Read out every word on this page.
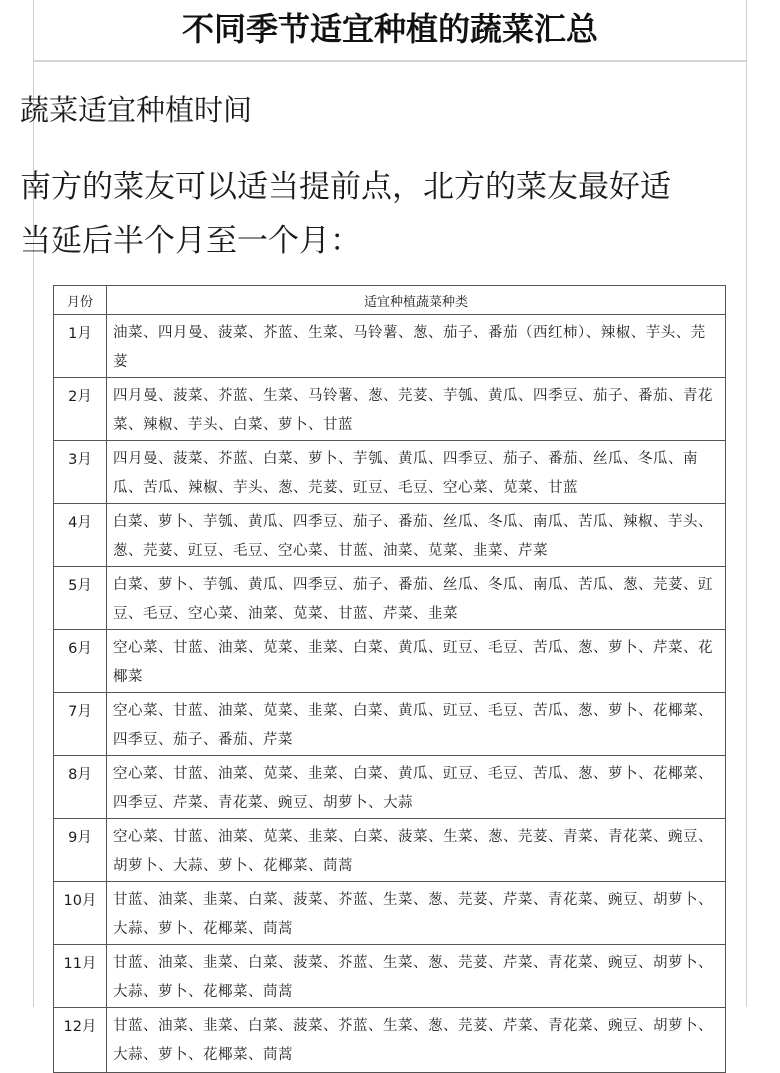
不同季节适宜种植的蔬菜汇总
蔬菜适宜种植时间
南方的菜友可以适当提前点，北方的菜友最好适当延后半个月至一个月：
月份	适宜种植蔬菜种类
1月	油菜、四月曼、菠菜、芥蓝、生菜、马铃薯、葱、茄子、番茄（西红柿）、辣椒、芋头、芫荽
2月	四月曼、菠菜、芥蓝、生菜、马铃薯、葱、芫荽、芋瓠、黄瓜、四季豆、茄子、番茄、青花菜、辣椒、芋头、白菜、萝卜、甘蓝
3月	四月曼、菠菜、芥蓝、白菜、萝卜、芋瓠、黄瓜、四季豆、茄子、番茄、丝瓜、冬瓜、南瓜、苦瓜、辣椒、芋头、葱、芫荽、豇豆、毛豆、空心菜、苋菜、甘蓝
4月	白菜、萝卜、芋瓠、黄瓜、四季豆、茄子、番茄、丝瓜、冬瓜、南瓜、苦瓜、辣椒、芋头、葱、芫荽、豇豆、毛豆、空心菜、甘蓝、油菜、苋菜、韭菜、芹菜
5月	白菜、萝卜、芋瓠、黄瓜、四季豆、茄子、番茄、丝瓜、冬瓜、南瓜、苦瓜、葱、芫荽、豇豆、毛豆、空心菜、油菜、苋菜、甘蓝、芹菜、韭菜
6月	空心菜、甘蓝、油菜、苋菜、韭菜、白菜、黄瓜、豇豆、毛豆、苦瓜、葱、萝卜、芹菜、花椰菜
7月	空心菜、甘蓝、油菜、苋菜、韭菜、白菜、黄瓜、豇豆、毛豆、苦瓜、葱、萝卜、花椰菜、四季豆、茄子、番茄、芹菜
8月	空心菜、甘蓝、油菜、苋菜、韭菜、白菜、黄瓜、豇豆、毛豆、苦瓜、葱、萝卜、花椰菜、四季豆、芹菜、青花菜、豌豆、胡萝卜、大蒜
9月	空心菜、甘蓝、油菜、苋菜、韭菜、白菜、菠菜、生菜、葱、芫荽、青菜、青花菜、豌豆、胡萝卜、大蒜、萝卜、花椰菜、茼蒿
10月	甘蓝、油菜、韭菜、白菜、菠菜、芥蓝、生菜、葱、芫荽、芹菜、青花菜、豌豆、胡萝卜、大蒜、萝卜、花椰菜、茼蒿
11月	甘蓝、油菜、韭菜、白菜、菠菜、芥蓝、生菜、葱、芫荽、芹菜、青花菜、豌豆、胡萝卜、大蒜、萝卜、花椰菜、茼蒿
12月	甘蓝、油菜、韭菜、白菜、菠菜、芥蓝、生菜、葱、芫荽、芹菜、青花菜、豌豆、胡萝卜、大蒜、萝卜、花椰菜、茼蒿
